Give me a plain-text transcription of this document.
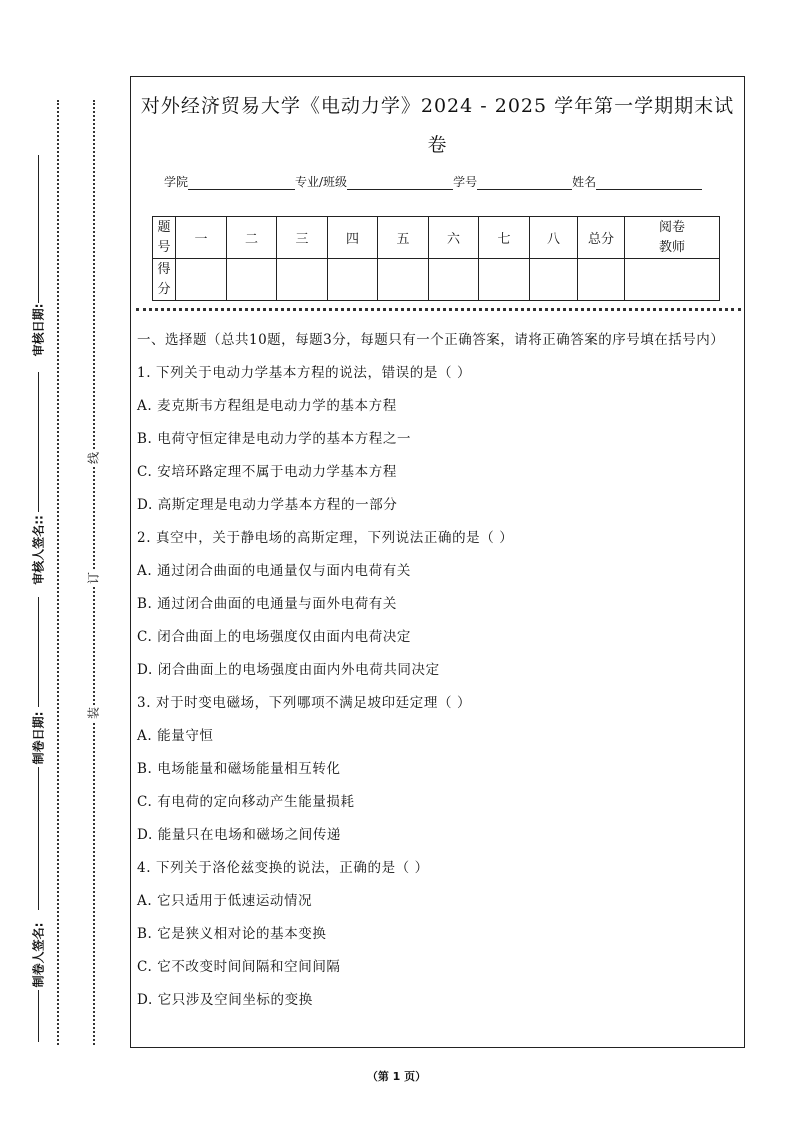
审核日期:
审核人签名::
制卷日期:
制卷人签名:
线
订
装
对外经济贸易大学《电动力学》2024 - 2025 学年第一学期期末试
卷
学院	专业/班级	学号	姓名
题号	一	二	三	四	五	六	七	八	总分	阅卷教师
得分										
一、选择题（总共10题，每题3分，每题只有一个正确答案，请将正确答案的序号填在括号内）
1. 下列关于电动力学基本方程的说法，错误的是（ ）
A. 麦克斯韦方程组是电动力学的基本方程
B. 电荷守恒定律是电动力学的基本方程之一
C. 安培环路定理不属于电动力学基本方程
D. 高斯定理是电动力学基本方程的一部分
2. 真空中，关于静电场的高斯定理，下列说法正确的是（ ）
A. 通过闭合曲面的电通量仅与面内电荷有关
B. 通过闭合曲面的电通量与面外电荷有关
C. 闭合曲面上的电场强度仅由面内电荷决定
D. 闭合曲面上的电场强度由面内外电荷共同决定
3. 对于时变电磁场，下列哪项不满足坡印廷定理（ ）
A. 能量守恒
B. 电场能量和磁场能量相互转化
C. 有电荷的定向移动产生能量损耗
D. 能量只在电场和磁场之间传递
4. 下列关于洛伦兹变换的说法，正确的是（ ）
A. 它只适用于低速运动情况
B. 它是狭义相对论的基本变换
C. 它不改变时间间隔和空间间隔
D. 它只涉及空间坐标的变换
（第 1 页）
